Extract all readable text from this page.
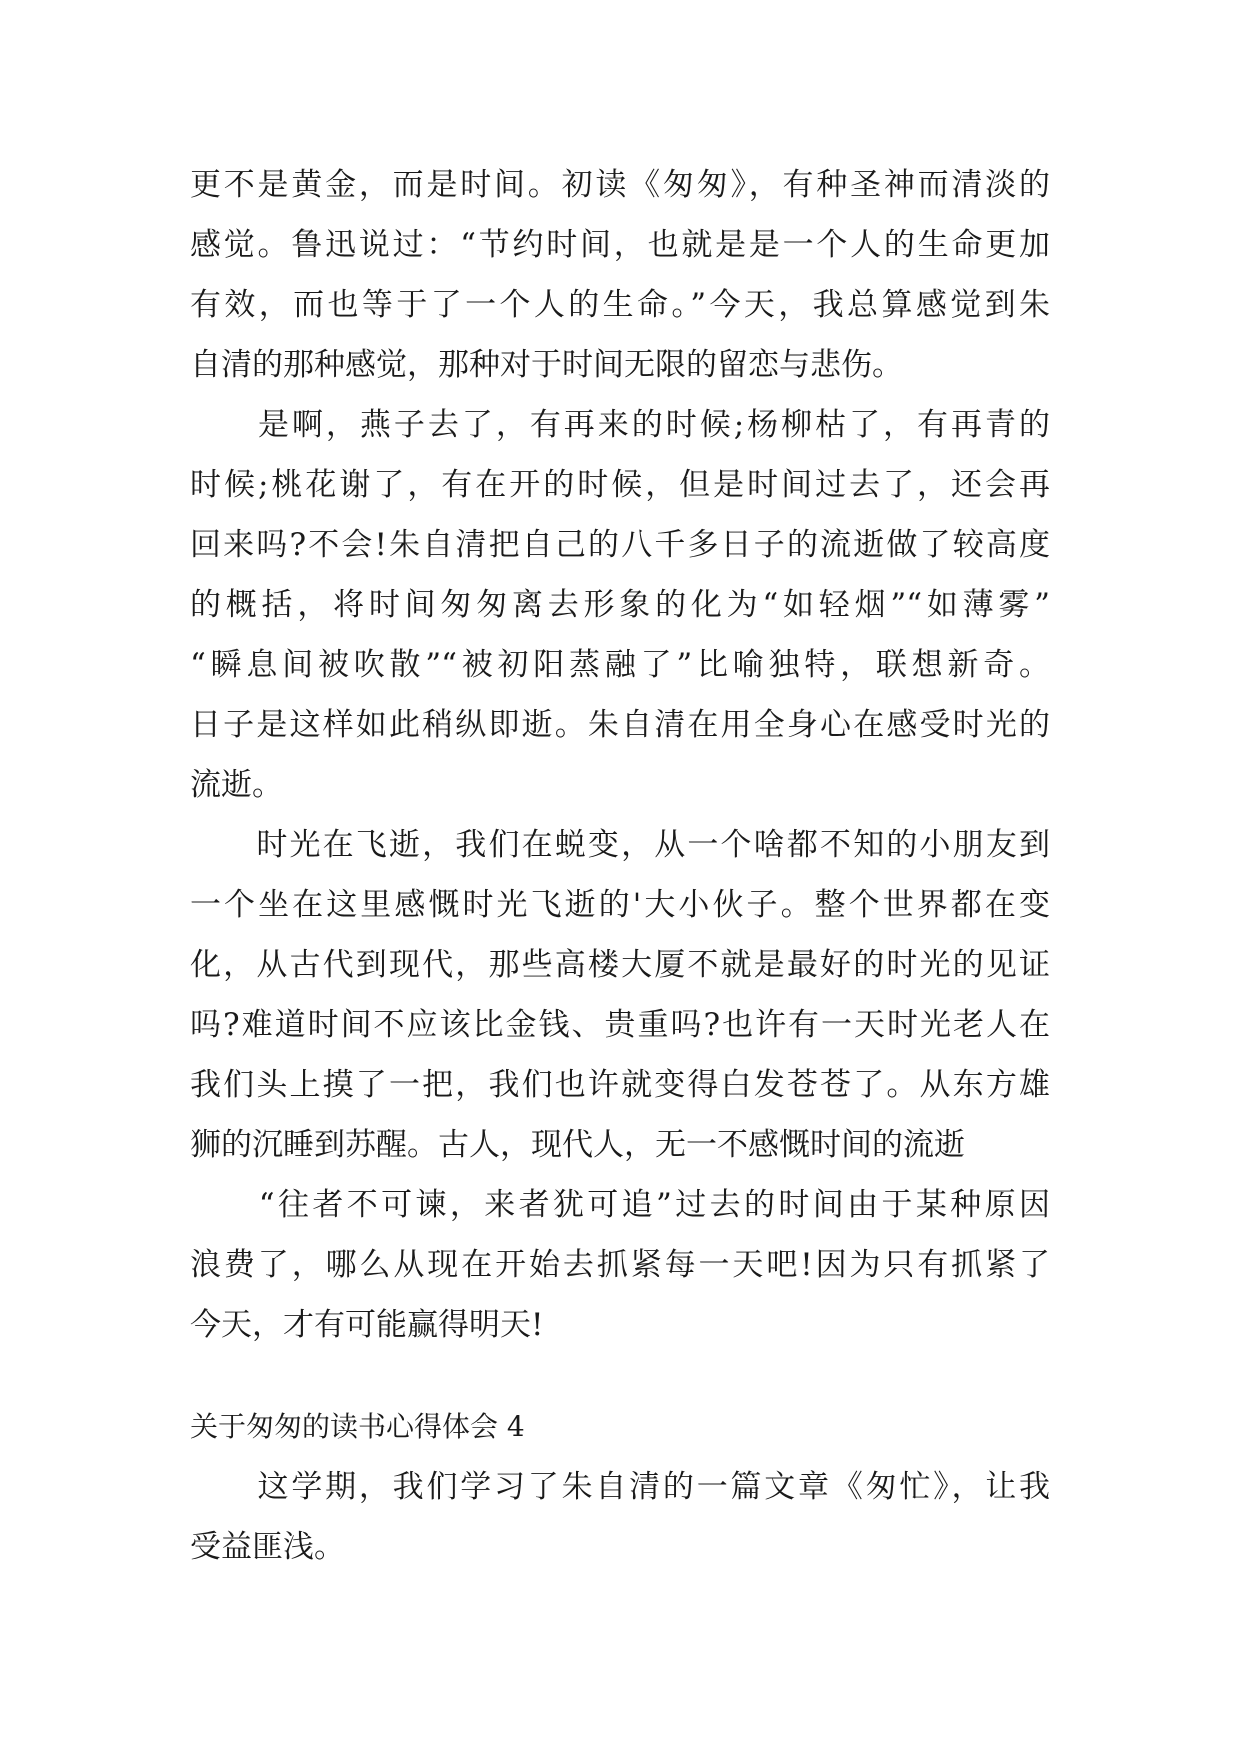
更不是黄金，而是时间。初读《匆匆》，有种圣神而清淡的
感觉。鲁迅说过：“节约时间，也就是是一个人的生命更加
有效，而也等于了一个人的生命。”今天，我总算感觉到朱
自清的那种感觉，那种对于时间无限的留恋与悲伤。
　　是啊，燕子去了，有再来的时候;杨柳枯了，有再青的
时候;桃花谢了，有在开的时候，但是时间过去了，还会再
回来吗?不会!朱自清把自己的八千多日子的流逝做了较高度
的概括，将时间匆匆离去形象的化为“如轻烟”“如薄雾”
“瞬息间被吹散”“被初阳蒸融了”比喻独特，联想新奇。
日子是这样如此稍纵即逝。朱自清在用全身心在感受时光的
流逝。
　　时光在飞逝，我们在蜕变，从一个啥都不知的小朋友到
一个坐在这里感慨时光飞逝的'大小伙子。整个世界都在变
化，从古代到现代，那些高楼大厦不就是最好的时光的见证
吗?难道时间不应该比金钱、贵重吗?也许有一天时光老人在
我们头上摸了一把，我们也许就变得白发苍苍了。从东方雄
狮的沉睡到苏醒。古人，现代人，无一不感慨时间的流逝
　　“往者不可谏，来者犹可追”过去的时间由于某种原因
浪费了，哪么从现在开始去抓紧每一天吧!因为只有抓紧了
今天，才有可能赢得明天!
关于匆匆的读书心得体会 4
　　这学期，我们学习了朱自清的一篇文章《匆忙》，让我
受益匪浅。
